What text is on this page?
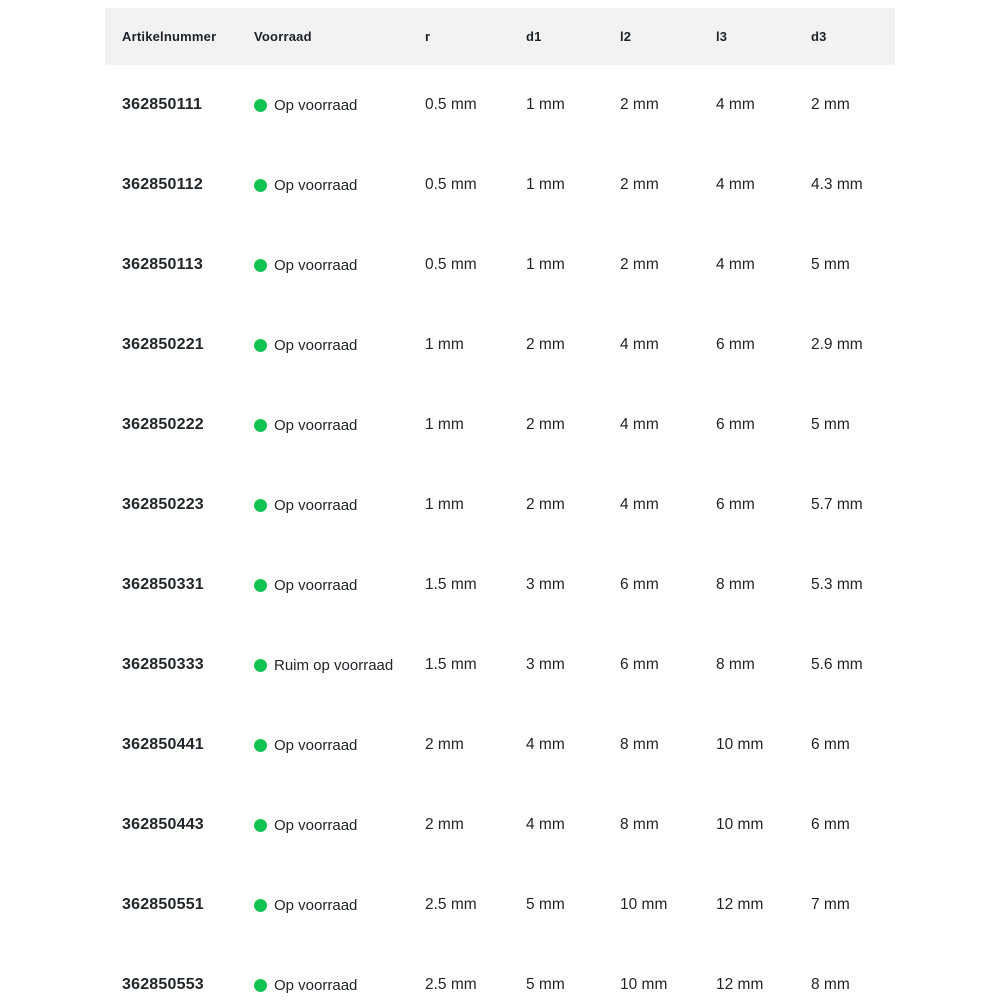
Artikelnummer	Voorraad	r	d1	l2	l3	d3
362850111	Op voorraad	0.5 mm	1 mm	2 mm	4 mm	2 mm
362850112	Op voorraad	0.5 mm	1 mm	2 mm	4 mm	4.3 mm
362850113	Op voorraad	0.5 mm	1 mm	2 mm	4 mm	5 mm
362850221	Op voorraad	1 mm	2 mm	4 mm	6 mm	2.9 mm
362850222	Op voorraad	1 mm	2 mm	4 mm	6 mm	5 mm
362850223	Op voorraad	1 mm	2 mm	4 mm	6 mm	5.7 mm
362850331	Op voorraad	1.5 mm	3 mm	6 mm	8 mm	5.3 mm
362850333	Ruim op voorraad	1.5 mm	3 mm	6 mm	8 mm	5.6 mm
362850441	Op voorraad	2 mm	4 mm	8 mm	10 mm	6 mm
362850443	Op voorraad	2 mm	4 mm	8 mm	10 mm	6 mm
362850551	Op voorraad	2.5 mm	5 mm	10 mm	12 mm	7 mm
362850553	Op voorraad	2.5 mm	5 mm	10 mm	12 mm	8 mm
